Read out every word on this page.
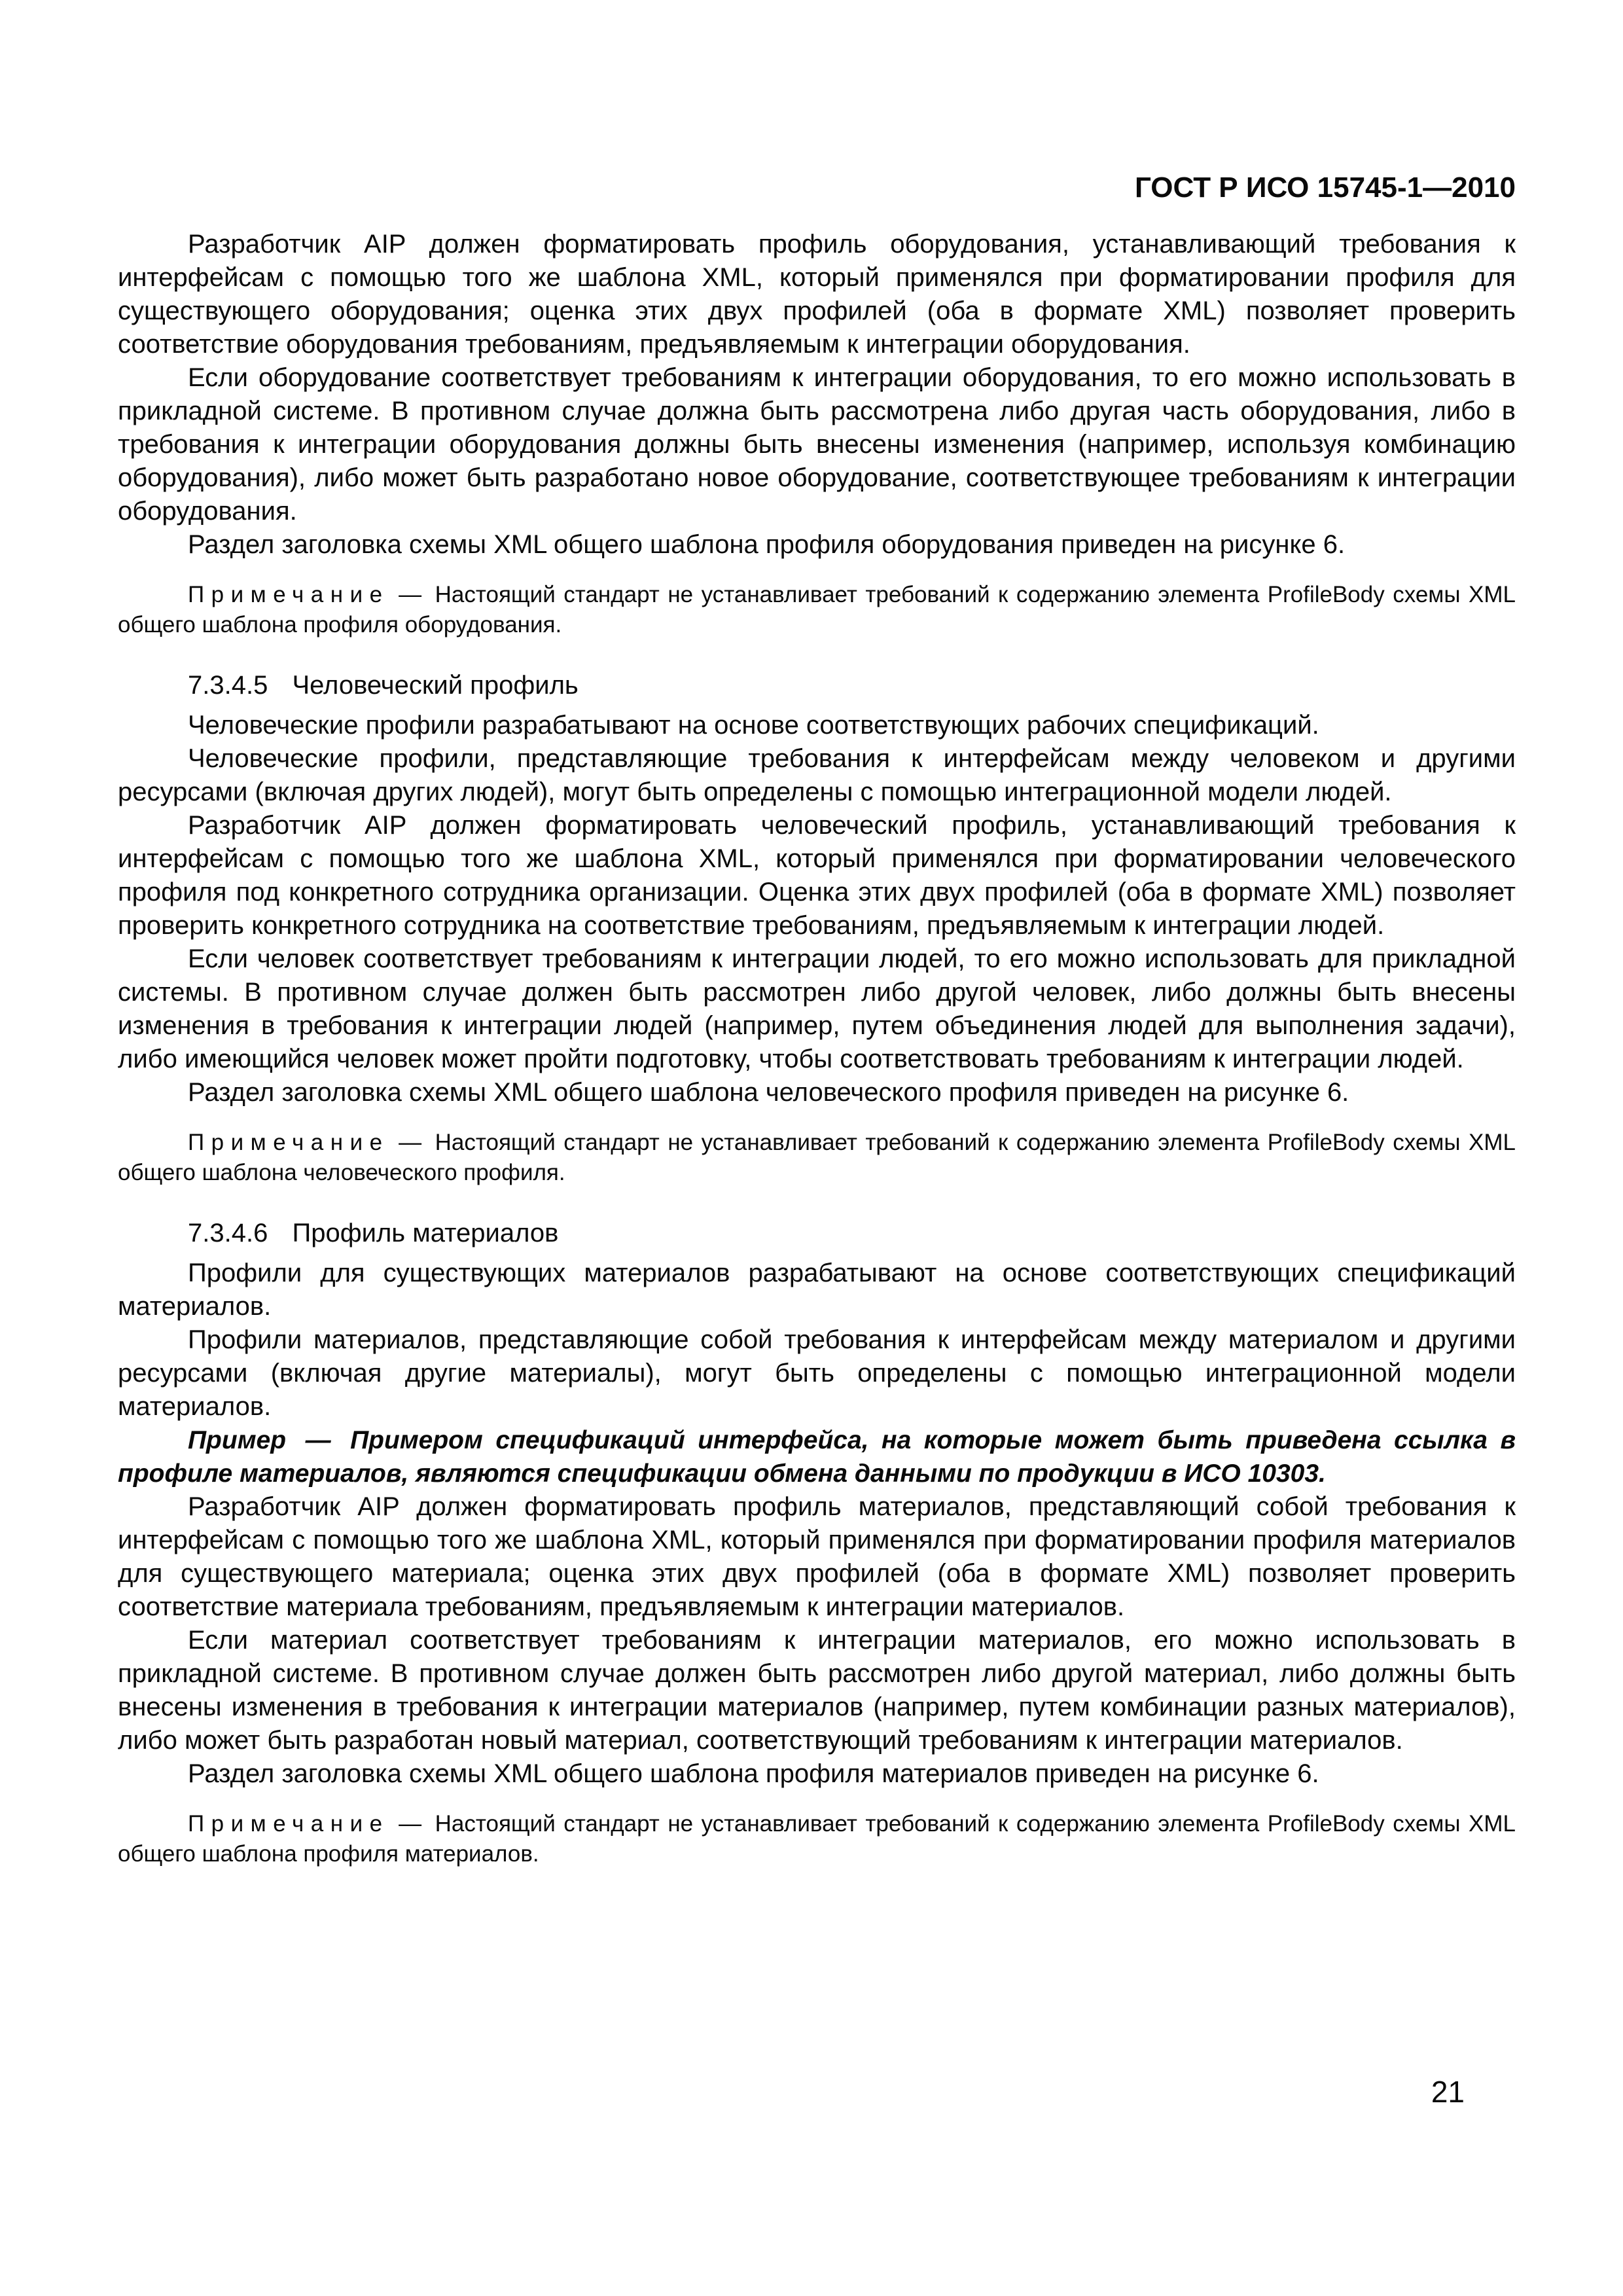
ГОСТ Р ИСО 15745-1—2010

Разработчик AIP должен форматировать профиль оборудования, устанавливающий требования к интерфейсам с помощью того же шаблона XML, который применялся при форматировании профиля для существующего оборудования; оценка этих двух профилей (оба в формате XML) позволяет проверить соответствие оборудования требованиям, предъявляемым к интеграции оборудования.

Если оборудование соответствует требованиям к интеграции оборудования, то его можно использовать в прикладной системе. В противном случае должна быть рассмотрена либо другая часть оборудования, либо в требования к интеграции оборудования должны быть внесены изменения (например, используя комбинацию оборудования), либо может быть разработано новое оборудование, соответствующее требованиям к интеграции оборудования.

Раздел заголовка схемы XML общего шаблона профиля оборудования приведен на рисунке 6.

Примечание — Настоящий стандарт не устанавливает требований к содержанию элемента ProfileBody схемы XML общего шаблона профиля оборудования.

7.3.4.5 Человеческий профиль

Человеческие профили разрабатывают на основе соответствующих рабочих спецификаций.

Человеческие профили, представляющие требования к интерфейсам между человеком и другими ресурсами (включая других людей), могут быть определены с помощью интеграционной модели людей.

Разработчик AIP должен форматировать человеческий профиль, устанавливающий требования к интерфейсам с помощью того же шаблона XML, который применялся при форматировании человеческого профиля под конкретного сотрудника организации. Оценка этих двух профилей (оба в формате XML) позволяет проверить конкретного сотрудника на соответствие требованиям, предъявляемым к интеграции людей.

Если человек соответствует требованиям к интеграции людей, то его можно использовать для прикладной системы. В противном случае должен быть рассмотрен либо другой человек, либо должны быть внесены изменения в требования к интеграции людей (например, путем объединения людей для выполнения задачи), либо имеющийся человек может пройти подготовку, чтобы соответствовать требованиям к интеграции людей.

Раздел заголовка схемы XML общего шаблона человеческого профиля приведен на рисунке 6.

Примечание — Настоящий стандарт не устанавливает требований к содержанию элемента ProfileBody схемы XML общего шаблона человеческого профиля.

7.3.4.6 Профиль материалов

Профили для существующих материалов разрабатывают на основе соответствующих спецификаций материалов.

Профили материалов, представляющие собой требования к интерфейсам между материалом и другими ресурсами (включая другие материалы), могут быть определены с помощью интеграционной модели материалов.

Пример — Примером спецификаций интерфейса, на которые может быть приведена ссылка в профиле материалов, являются спецификации обмена данными по продукции в ИСО 10303.

Разработчик AIP должен форматировать профиль материалов, представляющий собой требования к интерфейсам с помощью того же шаблона XML, который применялся при форматировании профиля материалов для существующего материала; оценка этих двух профилей (оба в формате XML) позволяет проверить соответствие материала требованиям, предъявляемым к интеграции материалов.

Если материал соответствует требованиям к интеграции материалов, его можно использовать в прикладной системе. В противном случае должен быть рассмотрен либо другой материал, либо должны быть внесены изменения в требования к интеграции материалов (например, путем комбинации разных материалов), либо может быть разработан новый материал, соответствующий требованиям к интеграции материалов.

Раздел заголовка схемы XML общего шаблона профиля материалов приведен на рисунке 6.

Примечание — Настоящий стандарт не устанавливает требований к содержанию элемента ProfileBody схемы XML общего шаблона профиля материалов.

21
